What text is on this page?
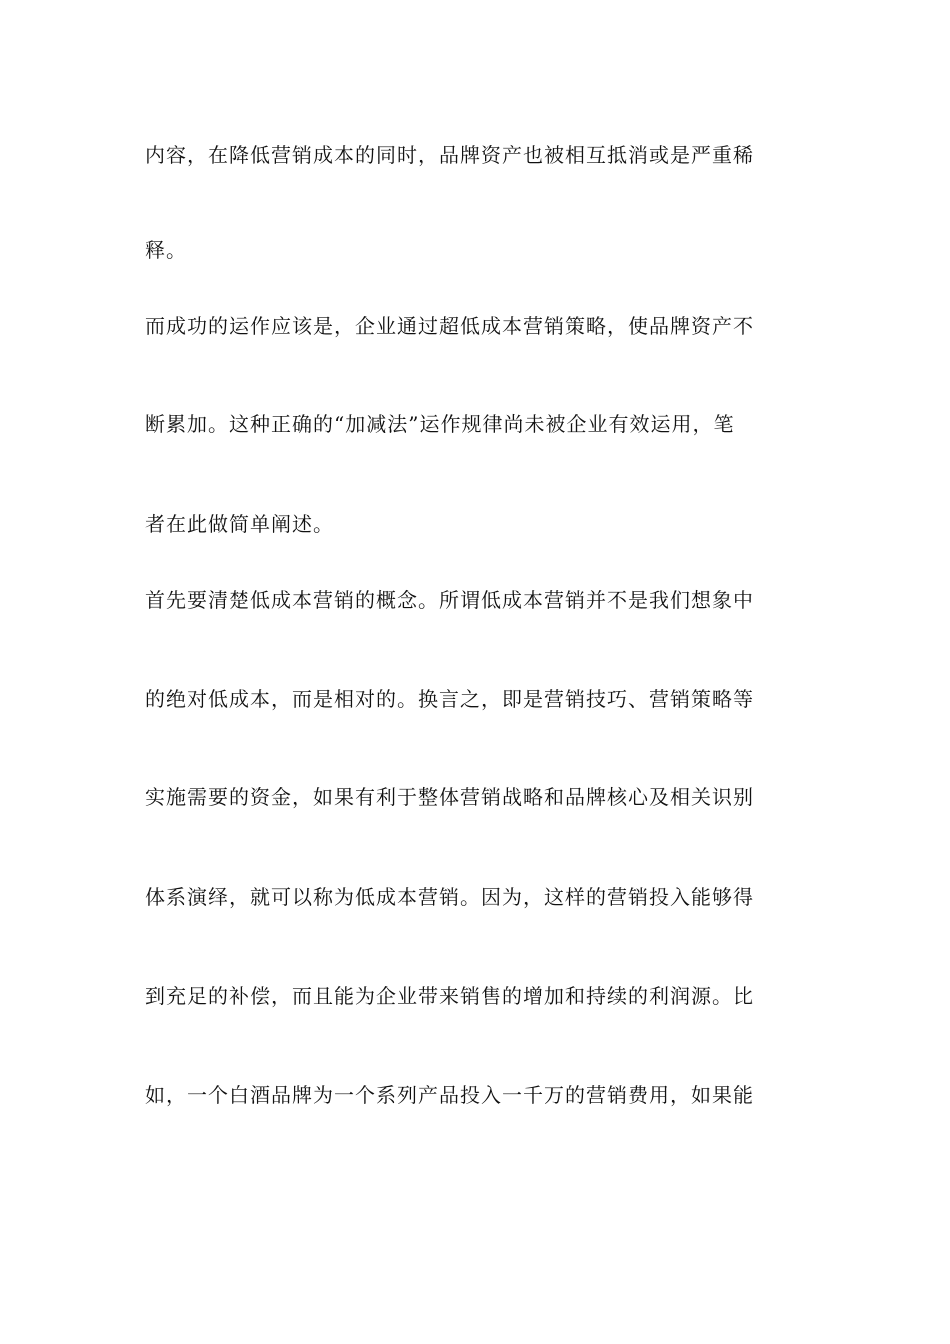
内容，在降低营销成本的同时，品牌资产也被相互抵消或是严重稀
释。
而成功的运作应该是，企业通过超低成本营销策略，使品牌资产不
断累加。这种正确的“加减法”运作规律尚未被企业有效运用，笔
者在此做简单阐述。
首先要清楚低成本营销的概念。所谓低成本营销并不是我们想象中
的绝对低成本，而是相对的。换言之，即是营销技巧、营销策略等
实施需要的资金，如果有利于整体营销战略和品牌核心及相关识别
体系演绎，就可以称为低成本营销。因为，这样的营销投入能够得
到充足的补偿，而且能为企业带来销售的增加和持续的利润源。比
如，一个白酒品牌为一个系列产品投入一千万的营销费用，如果能
